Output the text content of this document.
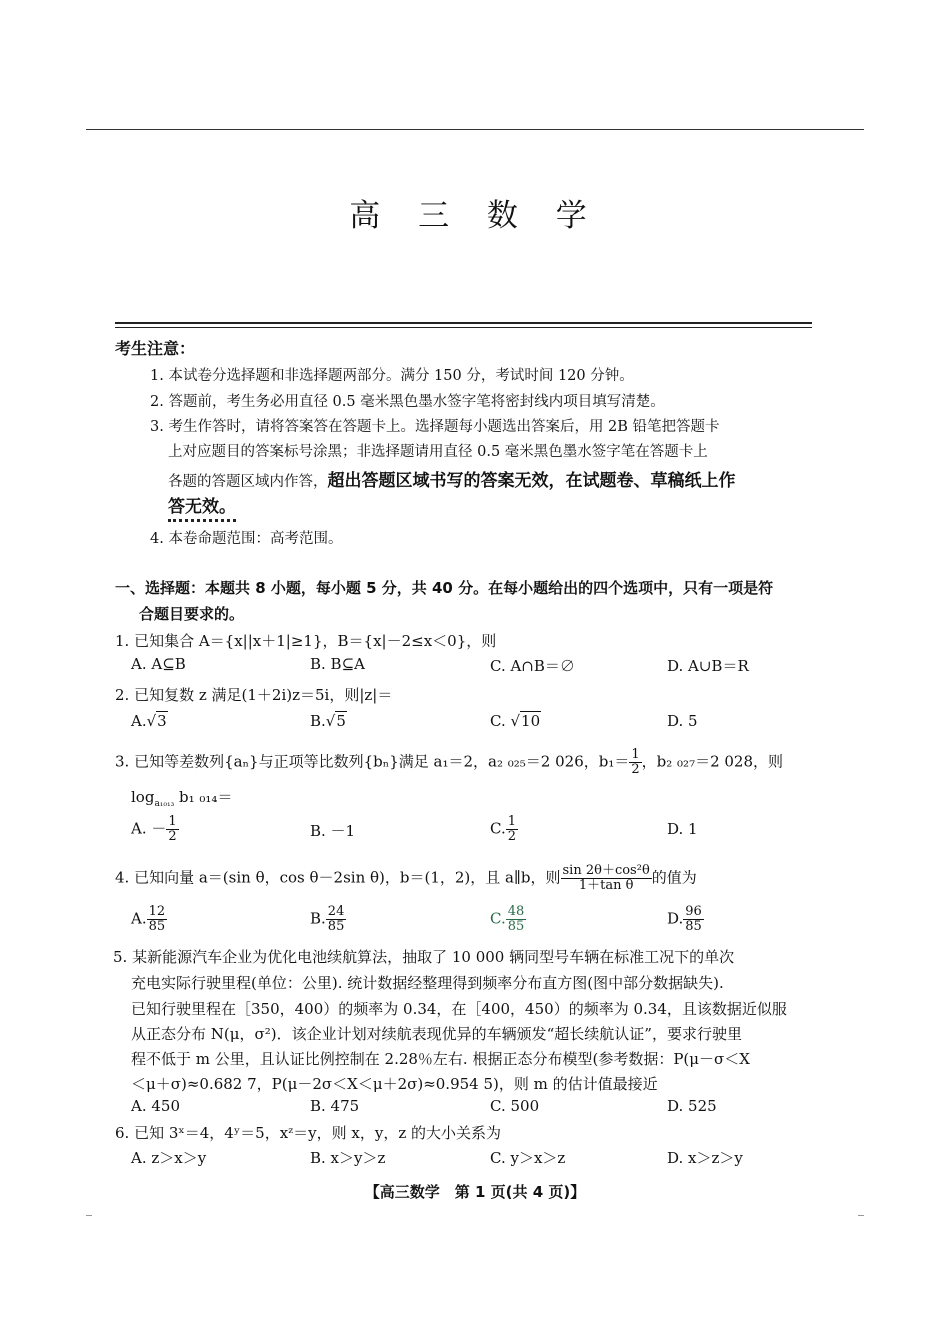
高 三 数 学
考生注意：
1. 本试卷分选择题和非选择题两部分。满分 150 分，考试时间 120 分钟。
2. 答题前，考生务必用直径 0.5 毫米黑色墨水签字笔将密封线内项目填写清楚。
3. 考生作答时，请将答案答在答题卡上。选择题每小题选出答案后，用 2B 铅笔把答题卡
上对应题目的答案标号涂黑；非选择题请用直径 0.5 毫米黑色墨水签字笔在答题卡上
各题的答题区域内作答，超出答题区域书写的答案无效，在试题卷、草稿纸上作
答无效。
4. 本卷命题范围：高考范围。
一、选择题：本题共 8 小题，每小题 5 分，共 40 分。在每小题给出的四个选项中，只有一项是符
合题目要求的。
1. 已知集合 A＝{x||x＋1|≥1}，B＝{x|－2≤x＜0}，则
A. A⊆B	B. B⊆A	C. A∩B＝∅	D. A∪B＝R
2. 已知复数 z 满足(1＋2i)z＝5i，则|z|＝
A.√3	B.√5	C. √10	D. 5
3. 已知等差数列{aₙ}与正项等比数列{bₙ}满足 a₁＝2，a₂ ₀₂₅＝2 026，$b_1= \frac{1}{2}$ ，b₂ ₀₂₇＝2 028，则
$\log_{a_{1013}} b_1$ ₀₁₄＝
A. － $\frac{1}{2}$	B. －1	C. $\frac{1}{2}$	D. 1
4. 已知向量 a＝(sin θ，cos θ－2sin θ)，b＝(1，2)，且 a∥b，则 $\frac{\text{sin 2θ＋cos²θ}}{\text{1＋tan θ}}$ 的值为
A. $\frac{12}{85}$	B. $\frac{24}{85}$	C. $\frac{48}{85}$	D. $\frac{96}{85}$
5. 某新能源汽车企业为优化电池续航算法，抽取了 10 000 辆同型号车辆在标准工况下的单次
充电实际行驶里程(单位：公里). 统计数据经整理得到频率分布直方图(图中部分数据缺失).
已知行驶里程在［350，400）的频率为 0.34，在［400，450）的频率为 0.34，且该数据近似服
从正态分布 N(μ，σ²)．该企业计划对续航表现优异的车辆颁发“超长续航认证”，要求行驶里
程不低于 m 公里，且认证比例控制在 2.28％左右. 根据正态分布模型(参考数据：P(μ－σ＜X
＜μ＋σ)≈0.682 7，P(μ－2σ＜X＜μ＋2σ)≈0.954 5)，则 m 的估计值最接近
A. 450	B. 475	C. 500	D. 525
6. 已知 3ˣ＝4，4ʸ＝5，xᶻ＝y，则 x，y，z 的大小关系为
A. z＞x＞y	B. x＞y＞z	C. y＞x＞z	D. x＞z＞y
【高三数学　第 1 页(共 4 页)】
